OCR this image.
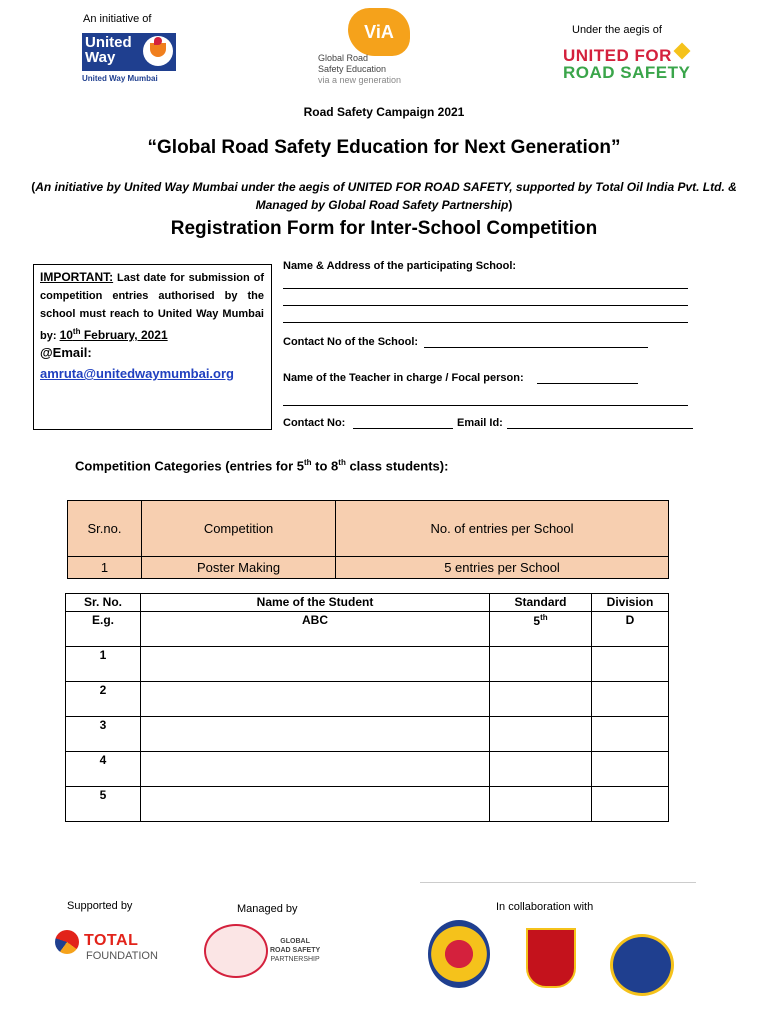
An initiative of
United
Way
United Way Mumbai
ViA
Global Road
Safety Education
via a new generation
Under the aegis of
UNITED FOR
ROAD SAFETY
Road Safety Campaign 2021
“Global Road Safety Education for Next Generation”
(An initiative by United Way Mumbai under the aegis of UNITED FOR ROAD SAFETY, supported by Total Oil India Pvt. Ltd. & Managed by Global Road Safety Partnership)
Registration Form for Inter-School Competition
IMPORTANT: Last date for submission of competition entries authorised by the school must reach to United Way Mumbai by: 10th February, 2021
@Email:
amruta@unitedwaymumbai.org
Name & Address of the participating School:
Contact No of the School:
Name of the Teacher in charge / Focal person:
Contact No:	Email Id:
Competition Categories (entries for 5th to 8th class students):
Sr.no.	Competition	No. of entries per School
1	Poster Making	5 entries per School
Sr. No.	Name of the Student	Standard	Division
E.g.	ABC	5th	D
1			
2			
3			
4			
5			
Supported by
TOTAL
FOUNDATION
Managed by
GLOBAL
ROAD SAFETY
PARTNERSHIP
In collaboration with
